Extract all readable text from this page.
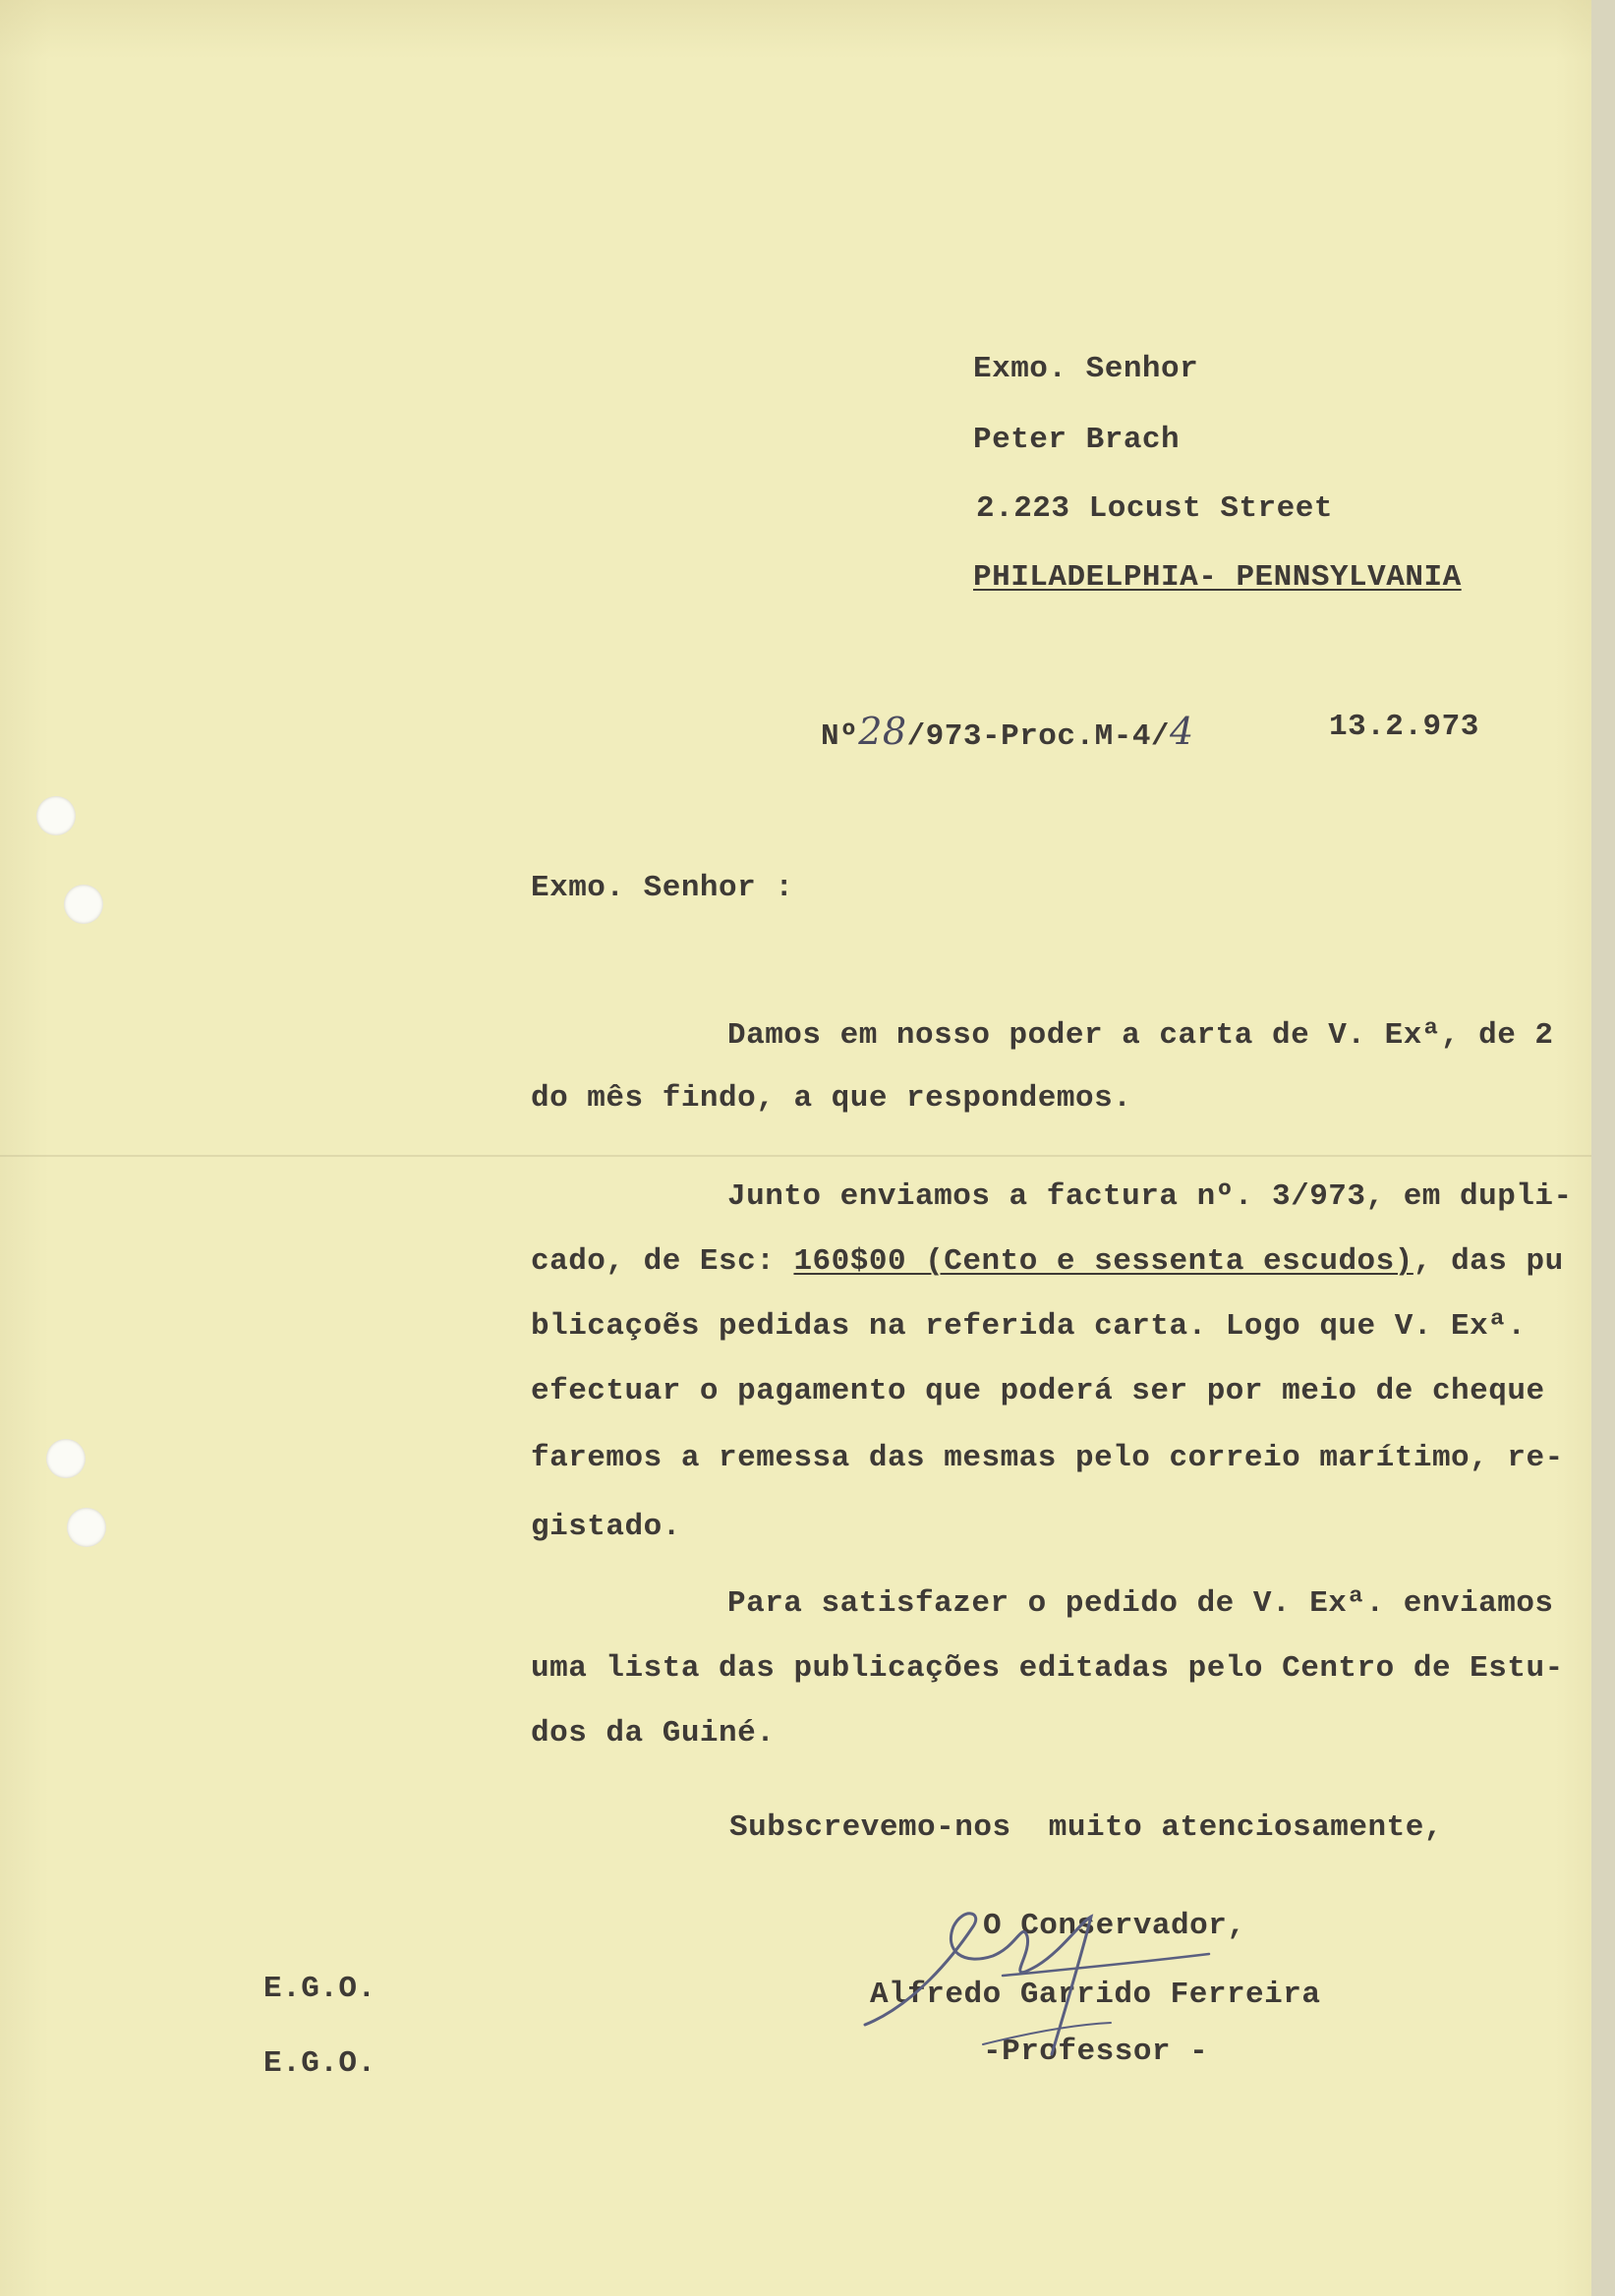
Exmo. Senhor

Peter Brach

2.223 Locust Street

PHILADELPHIA- PENNSYLVANIA

Nº28/973-Proc.M-4/4	13.2.973

Exmo. Senhor :

Damos em nosso poder a carta de V. Exª, de 2

do mês findo, a que respondemos.

Junto enviamos a factura nº. 3/973, em dupli-

cado, de Esc: 160$00 (Cento e sessenta escudos), das pu

blicaçoẽs pedidas na referida carta. Logo que V. Exª.

efectuar o pagamento que poderá ser por meio de cheque

faremos a remessa das mesmas pelo correio marítimo, re-

gistado.

Para satisfazer o pedido de V. Exª. enviamos

uma lista das publicações editadas pelo Centro de Estu-

dos da Guiné.

Subscrevemo-nos  muito atenciosamente,

O Conservador,

Alfredo Garrido Ferreira

-Professor -

E.G.O.

E.G.O.
